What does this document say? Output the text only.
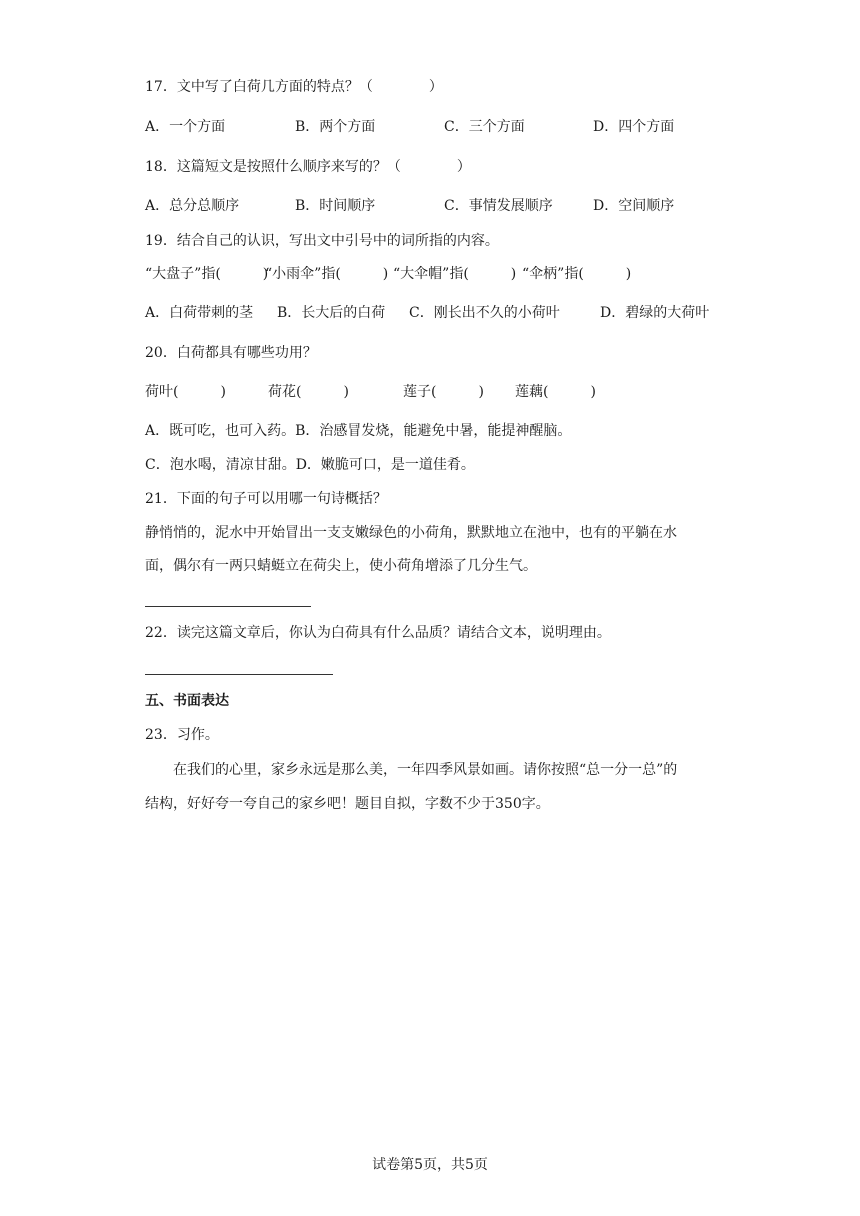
17．文中写了白荷几方面的特点？（　　　　）
A．一个方面	B．两个方面	C．三个方面	D．四个方面
18．这篇短文是按照什么顺序来写的？（　　　　）
A．总分总顺序	B．时间顺序	C．事情发展顺序	D．空间顺序
19．结合自己的认识，写出文中引号中的词所指的内容。
“大盘子”指(　　　)
“小雨伞”指(　　　) “大伞帽”指(　　　) “伞柄”指(　　　)
A．白荷带刺的茎 B．长大后的白荷 C．刚长出不久的小荷叶	D．碧绿的大荷叶
20．白荷都具有哪些功用？
荷叶(　　　)	荷花(　　　)	莲子(　　　) 莲藕(　　　)
A．既可吃，也可入药。B．治感冒发烧，能避免中暑，能提神醒脑。
C．泡水喝，清凉甘甜。D．嫩脆可口，是一道佳肴。
21．下面的句子可以用哪一句诗概括？
静悄悄的，泥水中开始冒出一支支嫩绿色的小荷角，默默地立在池中，也有的平躺在水
面，偶尔有一两只蜻蜓立在荷尖上，使小荷角增添了几分生气。
22．读完这篇文章后，你认为白荷具有什么品质？请结合文本，说明理由。
五、书面表达
23．习作。
在我们的心里，家乡永远是那么美，一年四季风景如画。请你按照“总一分一总”的
结构，好好夸一夸自己的家乡吧！题目自拟，字数不少于350字。
试卷第5页，共5页
